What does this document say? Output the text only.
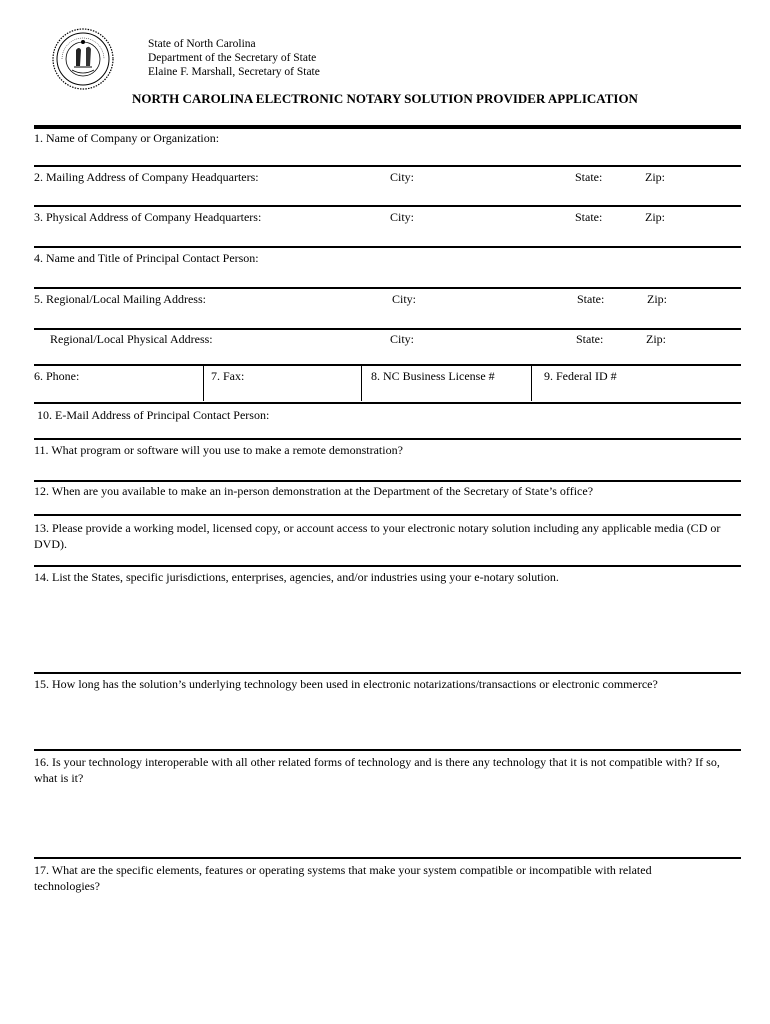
State of North Carolina
Department of the Secretary of State
Elaine F. Marshall, Secretary of State
NORTH CAROLINA ELECTRONIC NOTARY SOLUTION PROVIDER APPLICATION
1. Name of Company or Organization:
2. Mailing Address of Company Headquarters:	City:	State:	Zip:
3. Physical Address of Company Headquarters:	City:	State:	Zip:
4. Name and Title of Principal Contact Person:
5. Regional/Local Mailing Address:	City:	State:	Zip:
Regional/Local Physical Address:	City:	State:	Zip:
6. Phone:	7. Fax:	8. NC Business License #	9. Federal ID #
10. E-Mail Address of Principal Contact Person:
11. What program or software will you use to make a remote demonstration?
12. When are you available to make an in-person demonstration at the Department of the Secretary of State’s office?
13. Please provide a working model, licensed copy, or account access to your electronic notary solution including any applicable media (CD or DVD).
14. List the States, specific jurisdictions, enterprises, agencies, and/or industries using your e-notary solution.
15. How long has the solution’s underlying technology been used in electronic notarizations/transactions or electronic commerce?
16. Is your technology interoperable with all other related forms of technology and is there any technology that it is not compatible with? If so, what is it?
17. What are the specific elements, features or operating systems that make your system compatible or incompatible with related technologies?
